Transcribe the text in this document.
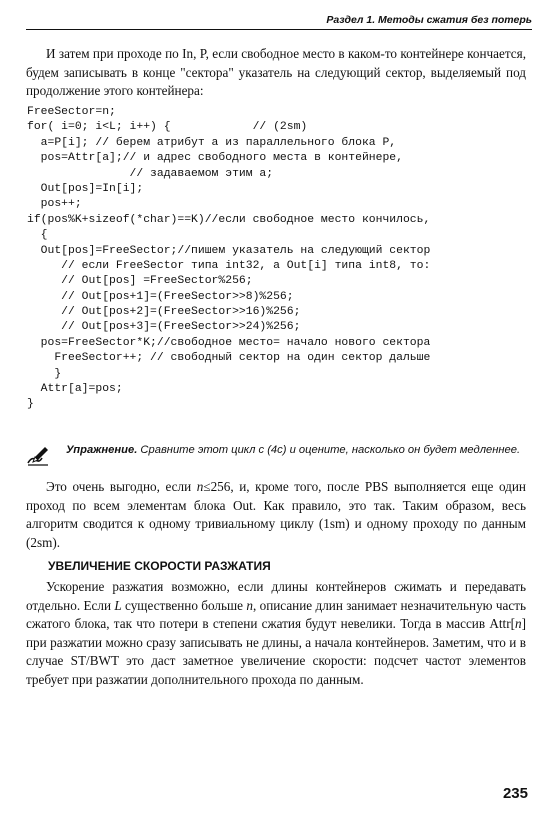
Раздел 1. Методы сжатия без потерь

И затем при проходе по In, P, если свободное место в каком-то контейнере кончается, будем записывать в конце "сектора" указатель на следующий сектор, выделяемый под продолжение этого контейнера:

FreeSector=n;
for( i=0; i<L; i++) {            // (2sm)
a=P[i]; // берем атрибут a из параллельного блока P,
pos=Attr[a];// и адрес свободного места в контейнере,
// задаваемом этим a;
Out[pos]=In[i];
pos++;
if(pos%K+sizeof(*char)==K)//если свободное место кончилось,
{
Out[pos]=FreeSector;//пишем указатель на следующий сектор
// если FreeSector типа int32, а Out[i] типа int8, то:
// Out[pos] =FreeSector%256;
// Out[pos+1]=(FreeSector>>8)%256;
// Out[pos+2]=(FreeSector>>16)%256;
// Out[pos+3]=(FreeSector>>24)%256;
pos=FreeSector*K;//свободное место= начало нового сектора
FreeSector++; // свободный сектор на один сектор дальше
}
Attr[a]=pos;
}
Упражнение. Сравните этот цикл с (4c) и оцените, насколько он будет медленнее.

Это очень выгодно, если n≤256, и, кроме того, после PBS выполняется еще один проход по всем элементам блока Out. Как правило, это так. Таким образом, весь алгоритм сводится к одному тривиальному циклу (1sm) и одному проходу по данным (2sm).

УВЕЛИЧЕНИЕ СКОРОСТИ РАЗЖАТИЯ

Ускорение разжатия возможно, если длины контейнеров сжимать и передавать отдельно. Если L существенно больше n, описание длин занимает незначительную часть сжатого блока, так что потери в степени сжатия будут невелики. Тогда в массив Attr[n] при разжатии можно сразу записывать не длины, а начала контейнеров. Заметим, что и в случае ST/BWT это даст заметное увеличение скорости: подсчет частот элементов требует при разжатии дополнительного прохода по данным.

235
